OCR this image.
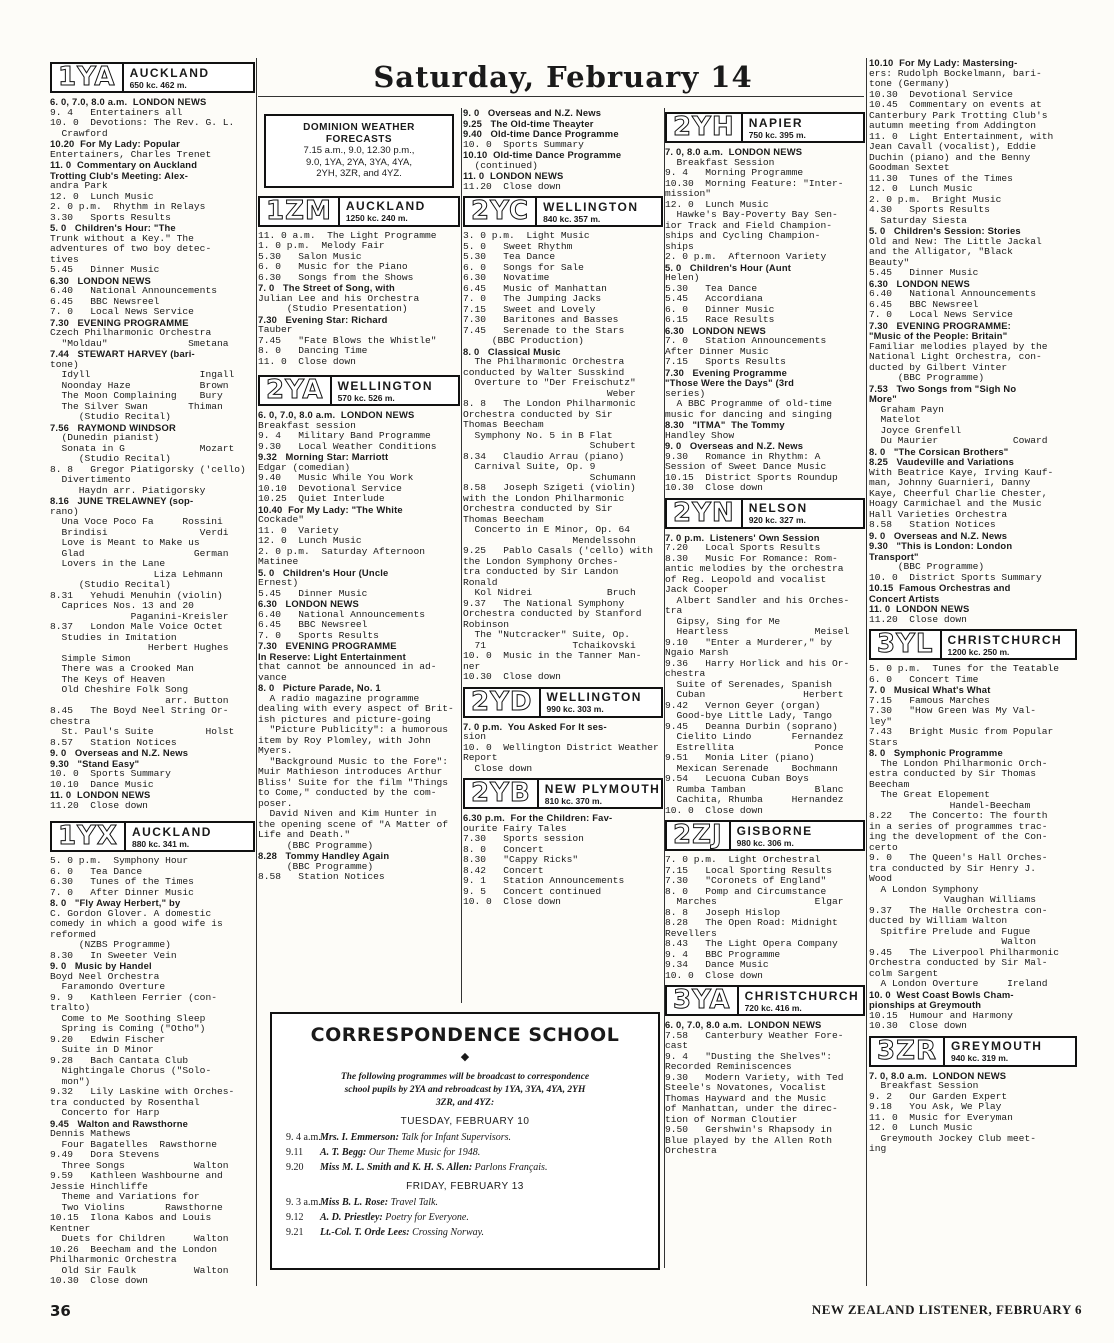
Saturday, February 14
1YA	AUCKLAND
650 kc. 462 m.
6. 0, 7.0, 8.0 a.m.  LONDON NEWS
9. 4   Entertainers all
10. 0  Devotions: The Rev. G. L.
Crawford
10.20  For My Lady: Popular
Entertainers, Charles Trenet
11. 0  Commentary on Auckland
Trotting Club's Meeting: Alex-
andra Park
12. 0  Lunch Music
2. 0 p.m.  Rhythm in Relays
3.30   Sports Results
5. 0   Children's Hour: "The
Trunk without a Key." The
adventures of two boy detec-
tives
5.45   Dinner Music
6.30   LONDON NEWS
6.40   National Announcements
6.45   BBC Newsreel
7. 0   Local News Service
7.30   EVENING PROGRAMME
Czech Philharmonic Orchestra
"Moldau"              Smetana
7.44   STEWART HARVEY (bari-
tone)
Idyll                   Ingall
Noonday Haze            Brown
The Moon Complaining    Bury
The Silver Swan       Thiman
(Studio Recital)
7.56   RAYMOND WINDSOR
(Dunedin pianist)
Sonata in G             Mozart
(Studio Recital)
8. 8   Gregor Piatigorsky ('cello)
Divertimento
Haydn arr. Piatigorsky
8.16   JUNE TRELAWNEY (sop-
rano)
Una Voce Poco Fa     Rossini
Brindisi                Verdi
Love is Meant to Make us
Glad                   German
Lovers in the Lane
Liza Lehmann
(Studio Recital)
8.31   Yehudi Menuhin (violin)
Caprices Nos. 13 and 20
Paganini-Kreisler
8.37   London Male Voice Octet
Studies in Imitation
Herbert Hughes
Simple Simon
There was a Crooked Man
The Keys of Heaven
Old Cheshire Folk Song
arr. Button
8.45   The Boyd Neel String Or-
chestra
St. Paul's Suite         Holst
8.57   Station Notices
9. 0   Overseas and N.Z. News
9.30   "Stand Easy"
10. 0  Sports Summary
10.10  Dance Music
11. 0  LONDON NEWS
11.20  Close down
1YX	AUCKLAND
880 kc. 341 m.
5. 0 p.m.  Symphony Hour
6. 0   Tea Dance
6.30   Tunes of the Times
7. 0   After Dinner Music
8. 0   "Fly Away Herbert," by
C. Gordon Glover. A domestic
comedy in which a good wife is
reformed
(NZBS Programme)
8.30   In Sweeter Vein
9. 0   Music by Handel
Boyd Neel Orchestra
Faramondo Overture
9. 9   Kathleen Ferrier (con-
tralto)
Come to Me Soothing Sleep
Spring is Coming ("Otho")
9.20   Edwin Fischer
Suite in D Minor
9.28   Bach Cantata Club
Nightingale Chorus ("Solo-
mon")
9.32   Lily Laskine with Orches-
tra conducted by Rosenthal
Concerto for Harp
9.45   Walton and Rawsthorne
Dennis Mathews
Four Bagatelles  Rawsthorne
9.49   Dora Stevens
Three Songs            Walton
9.59   Kathleen Washbourne and
Jessie Hinchliffe
Theme and Variations for
Two Violins       Rawsthorne
10.15  Ilona Kabos and Louis
Kentner
Duets for Children     Walton
10.26  Beecham and the London
Philharmonic Orchestra
Old Sir Faulk          Walton
10.30  Close down
DOMINION WEATHER FORECASTS
7.15 a.m., 9.0, 12.30 p.m.,
9.0, 1YA, 2YA, 3YA, 4YA,
2YH, 3ZR, and 4YZ.
1ZM	AUCKLAND
1250 kc. 240 m.
11. 0 a.m.  The Light Programme
1. 0 p.m.  Melody Fair
5.30   Salon Music
6. 0   Music for the Piano
6.30   Songs from the Shows
7. 0   The Street of Song, with
Julian Lee and his Orchestra
(Studio Presentation)
7.30   Evening Star: Richard
Tauber
7.45   "Fate Blows the Whistle"
8. 0   Dancing Time
11. 0  Close down
2YA	WELLINGTON
570 kc. 526 m.
6. 0, 7.0, 8.0 a.m.  LONDON NEWS
Breakfast session
9. 4   Military Band Programme
9.30   Local Weather Conditions
9.32   Morning Star: Marriott
Edgar (comedian)
9.40   Music While You Work
10.10  Devotional Service
10.25  Quiet Interlude
10.40  For My Lady: "The White
Cockade"
11. 0  Variety
12. 0  Lunch Music
2. 0 p.m.  Saturday Afternoon
Matinee
5. 0   Children's Hour (Uncle
Ernest)
5.45   Dinner Music
6.30   LONDON NEWS
6.40   National Announcements
6.45   BBC Newsreel
7. 0   Sports Results
7.30   EVENING PROGRAMME
In Reserve: Light Entertainment
that cannot be announced in ad-
vance
8. 0   Picture Parade, No. 1
A radio magazine programme
dealing with every aspect of Brit-
ish pictures and picture-going
"Picture Publicity": a humorous
item by Roy Plomley, with John
Myers.
"Background Music to the Fore":
Muir Mathieson introduces Arthur
Bliss' Suite for the film "Things
to Come," conducted by the com-
poser.
David Niven and Kim Hunter in
the opening scene of "A Matter of
Life and Death."
(BBC Programme)
8.28   Tommy Handley Again
(BBC Programme)
8.58   Station Notices
9. 0   Overseas and N.Z. News
9.25   The Old-time Theayter
9.40   Old-time Dance Programme
10. 0  Sports Summary
10.10  Old-time Dance Programme
(continued)
11. 0  LONDON NEWS
11.20  Close down
2YC	WELLINGTON
840 kc. 357 m.
3. 0 p.m.  Light Music
5. 0   Sweet Rhythm
5.30   Tea Dance
6. 0   Songs for Sale
6.30   Novatime
6.45   Music of Manhattan
7. 0   The Jumping Jacks
7.15   Sweet and Lovely
7.30   Baritones and Basses
7.45   Serenade to the Stars
(BBC Production)
8. 0   Classical Music
The Philharmonic Orchestra
conducted by Walter Susskind
Overture to "Der Freischutz"
Weber
8. 8   The London Philharmonic
Orchestra conducted by Sir
Thomas Beecham
Symphony No. 5 in B Flat
Schubert
8.34   Claudio Arrau (piano)
Carnival Suite, Op. 9
Schumann
8.58   Joseph Szigeti (violin)
with the London Philharmonic
Orchestra conducted by Sir
Thomas Beecham
Concerto in E Minor, Op. 64
Mendelssohn
9.25   Pablo Casals ('cello) with
the London Symphony Orches-
tra conducted by Sir Landon
Ronald
Kol Nidrei             Bruch
9.37   The National Symphony
Orchestra conducted by Stanford
Robinson
The "Nutcracker" Suite, Op.
71               Tchaikovski
10. 0  Music in the Tanner Man-
ner
10.30  Close down
2YD	WELLINGTON
990 kc. 303 m.
7. 0 p.m.  You Asked For It ses-
sion
10. 0  Wellington District Weather
Report
Close down
2YB	NEW PLYMOUTH
810 kc. 370 m.
6.30 p.m.  For the Children: Fav-
ourite Fairy Tales
7.30   Sports session
8. 0   Concert
8.30   "Cappy Ricks"
8.42   Concert
9. 1   Station Announcements
9. 5   Concert continued
10. 0  Close down
2YH	NAPIER
750 kc. 395 m.
7. 0, 8.0 a.m.  LONDON NEWS
Breakfast Session
9. 4   Morning Programme
10.30  Morning Feature: "Inter-
mission"
12. 0  Lunch Music
Hawke's Bay-Poverty Bay Sen-
ior Track and Field Champion-
ships and Cycling Champion-
ships
2. 0 p.m.  Afternoon Variety
5. 0   Children's Hour (Aunt
Helen)
5.30   Tea Dance
5.45   Accordiana
6. 0   Dinner Music
6.15   Race Results
6.30   LONDON NEWS
7. 0   Station Announcements
After Dinner Music
7.15   Sports Results
7.30   Evening Programme
"Those Were the Days" (3rd
series)
A BBC Programme of old-time
music for dancing and singing
8.30   "ITMA"  The Tommy
Handley Show
9. 0   Overseas and N.Z. News
9.30   Romance in Rhythm: A
Session of Sweet Dance Music
10.15  District Sports Roundup
10.30  Close down
2YN	NELSON
920 kc. 327 m.
7. 0 p.m.  Listeners' Own Session
7.20   Local Sports Results
8.30   Music For Romance: Rom-
antic melodies by the orchestra
of Reg. Leopold and vocalist
Jack Cooper
Albert Sandler and his Orches-
tra
Gipsy, Sing for Me
Heartless               Meisel
9.10   "Enter a Murderer," by
Ngaio Marsh
9.36   Harry Horlick and his Or-
chestra
Suite of Serenades, Spanish
Cuban                 Herbert
9.42   Vernon Geyer (organ)
Good-bye Little Lady, Tango
9.45   Deanna Durbin (soprano)
Cielito Lindo       Fernandez
Estrellita              Ponce
9.51   Monia Liter (piano)
Mexican Serenade    Bochmann
9.54   Lecuona Cuban Boys
Rumba Tamban            Blanc
Cachita, Rhumba     Hernandez
10. 0  Close down
2ZJ	GISBORNE
980 kc. 306 m.
7. 0 p.m.  Light Orchestral
7.15   Local Sporting Results
7.30   "Coronets of England"
8. 0   Pomp and Circumstance
Marches                 Elgar
8. 8   Joseph Hislop
8.28   The Open Road: Midnight
Revellers
8.43   The Light Opera Company
9. 4   BBC Programme
9.34   Dance Music
10. 0  Close down
3YA	CHRISTCHURCH
720 kc. 416 m.
6. 0, 7.0, 8.0 a.m.  LONDON NEWS
7.58   Canterbury Weather Fore-
cast
9. 4   "Dusting the Shelves":
Recorded Reminiscences
9.30   Modern Variety, with Ted
Steele's Novatones, Vocalist
Thomas Hayward and the Music
of Manhattan, under the direc-
tion of Norman Cloutier
9.50   Gershwin's Rhapsody in
Blue played by the Allen Roth
Orchestra
10.10  For My Lady: Mastersing-
ers: Rudolph Bockelmann, bari-
tone (Germany)
10.30  Devotional Service
10.45  Commentary on events at
Canterbury Park Trotting Club's
autumn meeting from Addington
11. 0  Light Entertainment, with
Jean Cavall (vocalist), Eddie
Duchin (piano) and the Benny
Goodman Sextet
11.30  Tunes of the Times
12. 0  Lunch Music
2. 0 p.m.  Bright Music
4.30   Sports Results
Saturday Siesta
5. 0   Children's Session: Stories
Old and New: The Little Jackal
and the Alligator, "Black
Beauty"
5.45   Dinner Music
6.30   LONDON NEWS
6.40   National Announcements
6.45   BBC Newsreel
7. 0   Local News Service
7.30   EVENING PROGRAMME:
"Music of the People: Britain"
Familiar melodies played by the
National Light Orchestra, con-
ducted by Gilbert Vinter
(BBC Programme)
7.53   Two Songs from "Sigh No
More"
Graham Payn
Matelot
Joyce Grenfell
Du Maurier             Coward
8. 0   "The Corsican Brothers"
8.25   Vaudeville and Variations
With Beatrice Kaye, Irving Kauf-
man, Johnny Guarnieri, Danny
Kaye, Cheerful Charlie Chester,
Hoagy Carmichael and the Music
Hall Varieties Orchestra
8.58   Station Notices
9. 0   Overseas and N.Z. News
9.30   "This is London: London
Transport"
(BBC Programme)
10. 0  District Sports Summary
10.15  Famous Orchestras and
Concert Artists
11. 0  LONDON NEWS
11.20  Close down
3YL	CHRISTCHURCH
1200 kc. 250 m.
5. 0 p.m.  Tunes for the Teatable
6. 0   Concert Time
7. 0   Musical What's What
7.15   Famous Marches
7.30   "How Green Was My Val-
ley"
7.43   Bright Music from Popular
Stars
8. 0   Symphonic Programme
The London Philharmonic Orch-
estra conducted by Sir Thomas
Beecham
The Great Elopement
Handel-Beecham
8.22   The Concerto: The fourth
in a series of programmes trac-
ing the development of the Con-
certo
9. 0   The Queen's Hall Orches-
tra conducted by Sir Henry J.
Wood
A London Symphony
Vaughan Williams
9.37   The Halle Orchestra con-
ducted by William Walton
Spitfire Prelude and Fugue
Walton
9.45   The Liverpool Philharmonic
Orchestra conducted by Sir Mal-
colm Sargent
A London Overture     Ireland
10. 0  West Coast Bowls Cham-
pionships at Greymouth
10.15  Humour and Harmony
10.30  Close down
3ZR	GREYMOUTH
940 kc. 319 m.
7. 0, 8.0 a.m.  LONDON NEWS
Breakfast Session
9. 2   Our Garden Expert
9.18   You Ask, We Play
11. 0  Music for Everyman
12. 0  Lunch Music
Greymouth Jockey Club meet-
ing
CORRESPONDENCE SCHOOL
◆
The following programmes will be broadcast to correspondence
school pupils by 2YA and rebroadcast by 1YA, 3YA, 4YA, 2YH
3ZR, and 4YZ:
TUESDAY, FEBRUARY 10
9. 4 a.m.Mrs. I. Emmerson: Talk for Infant Supervisors.
9.11 A. T. Begg: Our Theme Music for 1948.
9.20 Miss M. L. Smith and K. H. S. Allen: Parlons Français.
FRIDAY, FEBRUARY 13
9. 3 a.m.Miss B. L. Rose: Travel Talk.
9.12 A. D. Priestley: Poetry for Everyone.
9.21 Lt.-Col. T. Orde Lees: Crossing Norway.
36	NEW ZEALAND LISTENER, FEBRUARY 6
